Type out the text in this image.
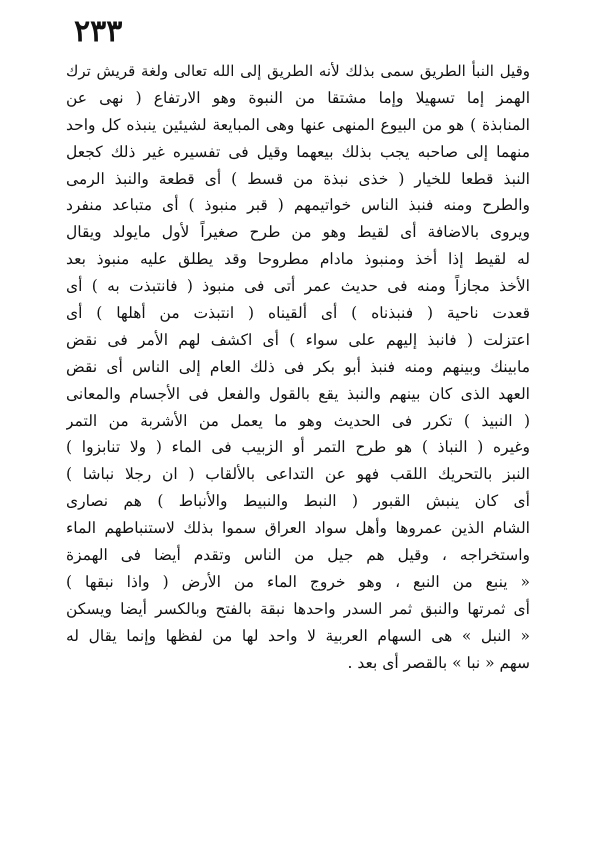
٢٣٣
وقيل النبأ الطريق سمى بذلك لأنه الطريق إلى الله تعالى ولغة قريش ترك
الهمز إما تسهيلا وإما مشتقا من النبوة وهو الارتفاع ( نهى عن
المنابذة ) هو من البيوع المنهى عنها وهى المبايعة لشيئين ينبذه كل واحد
منهما إلى صاحبه يجب بذلك بيعهما وقيل فى تفسيره غير ذلك كجعل
النبذ قطعا للخيار ( خذى نبذة من قسط ) أى قطعة والنبذ الرمى
والطرح ومنه فنبذ الناس خواتيمهم ( قبر منبوذ ) أى متباعد منفرد
ويروى بالاضافة أى لقيط وهو من طرح صغيراً لأول مايولد ويقال
له لقيط إذا أخذ ومنبوذ مادام مطروحا وقد يطلق عليه منبوذ بعد
الأخذ مجازاً ومنه فى حديث عمر أتى فى منبوذ ( فانتبذت به ) أى
قعدت ناحية ( فنبذناه ) أى ألقيناه ( انتبذت من أهلها ) أى
اعتزلت ( فانبذ إليهم على سواء ) أى اكشف لهم الأمر فى نقض
مابينك وبينهم ومنه فنبذ أبو بكر فى ذلك العام إلى الناس أى نقض
العهد الذى كان بينهم والنبذ يقع بالقول والفعل فى الأجسام والمعانى
( النبيذ ) تكرر فى الحديث وهو ما يعمل من الأشربة من التمر
وغيره ( النباذ ) هو طرح التمر أو الزبيب فى الماء ( ولا تنابزوا )
النبز بالتحريك اللقب فهو عن التداعى بالألقاب ( ان رجلا نباشا )
أى كان ينبش القبور ( النبط والنبيط والأنباط ) هم نصارى
الشام الذين عمروها وأهل سواد العراق سموا بذلك لاستنباطهم الماء
واستخراجه ، وقيل هم جيل من الناس وتقدم أيضا فى الهمزة
« ينبع من النبع ، وهو خروج الماء من الأرض ( واذا نبقها )
أى ثمرتها والنبق ثمر السدر واحدها نبقة بالفتح وبالكسر أيضا ويسكن
« النبل » هى السهام العربية لا واحد لها من لفظها وإنما يقال له
سهم « نبا » بالقصر أى بعد .
